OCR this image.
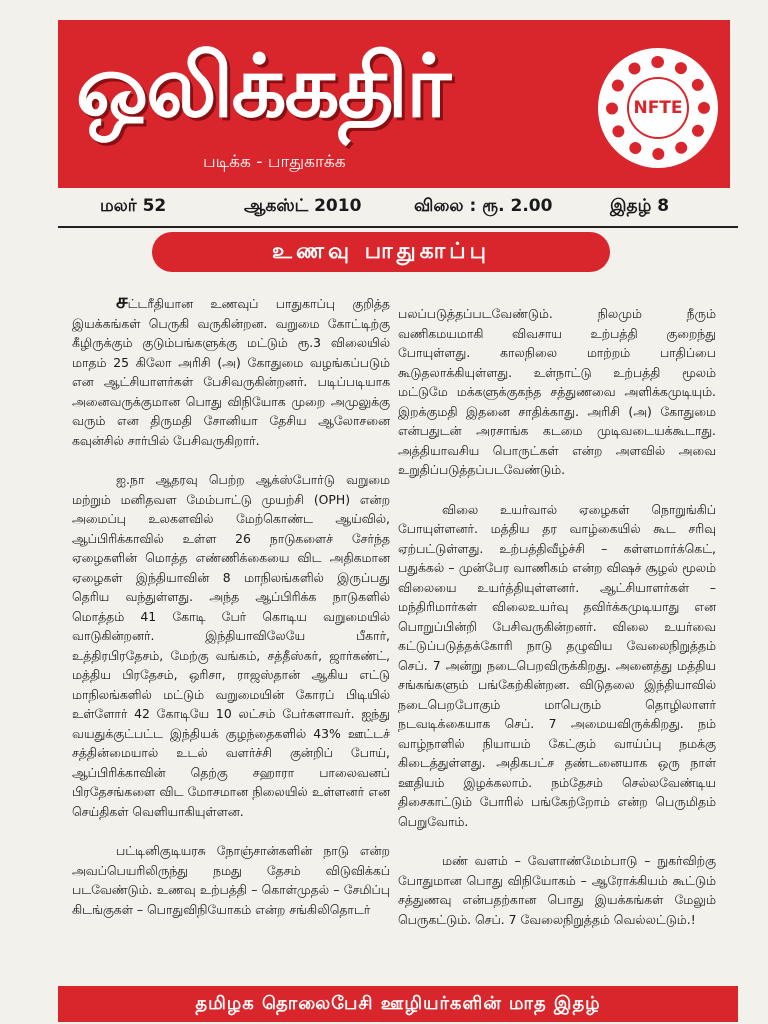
ஒலிக்கதிர்
படிக்க - பாதுகாக்க
NFTE
மலர் 52	ஆகஸ்ட் 2010	விலை : ரூ. 2.00	இதழ் 8
உணவு பாதுகாப்பு

சட்டரீதியான உணவுப் பாதுகாப்பு குறித்த இயக்கங்கள் பெருகி வருகின்றன. வறுமை கோட்டிற்கு கீழிருக்கும் குடும்பங்களுக்கு மட்டும் ரூ.3 விலையில் மாதம் 25 கிலோ அரிசி (அ) கோதுமை வழங்கப்படும் என ஆட்சியாளர்கள் பேசிவருகின்றனர். படிப்படியாக அனைவருக்குமான பொது விநியோக முறை அமுலுக்கு வரும் என திருமதி சோனியா தேசிய ஆலோசனை கவுன்சில் சார்பில் பேசிவருகிறார்.

ஐ.நா ஆதரவு பெற்ற ஆக்ஸ்போர்டு வறுமை மற்றும் மனிதவள மேம்பாட்டு முயற்சி (OPH) என்ற அமைப்பு உலகளவில் மேற்கொண்ட ஆய்வில், ஆப்பிரிக்காவில் உள்ள 26 நாடுகளைச் சேர்ந்த ஏழைகளின் மொத்த எண்ணிக்கையை விட அதிகமான ஏழைகள் இந்தியாவின் 8 மாநிலங்களில் இருப்பது தெரிய வந்துள்ளது. அந்த ஆப்பிரிக்க நாடுகளில் மொத்தம் 41 கோடி பேர் கொடிய வறுமையில் வாடுகின்றனர். இந்தியாவிலேயே பீகார், உத்திரபிரதேசம், மேற்கு வங்கம், சத்தீஸ்கர், ஜார்கண்ட், மத்திய பிரதேசம், ஒரிசா, ராஜஸ்தான் ஆகிய எட்டு மாநிலங்களில் மட்டும் வறுமையின் கோரப் பிடியில் உள்ளோர் 42 கோடியே 10 லட்சம் பேர்களாவர். ஐந்து வயதுக்குட்பட்ட இந்தியக் குழந்தைகளில் 43% ஊட்டச் சத்தின்மையால் உடல் வளர்ச்சி குன்றிப் போய், ஆப்பிரிக்காவின் தெற்கு சஹாரா பாலைவனப் பிரதேசங்களை விட மோசமான நிலையில் உள்ளனர் என செய்திகள் வெளியாகியுள்ளன.

பட்டினிகுடியரசு நோஞ்சான்களின் நாடு என்ற அவப்பெயரிலிருந்து நமது தேசம் விடுவிக்கப் படவேண்டும். உணவு உற்பத்தி – கொள்முதல் – சேமிப்பு கிடங்குகள் – பொதுவிநியோகம் என்ற சங்கிலிதொடர்

பலப்படுத்தப்படவேண்டும். நிலமும் நீரும் வணிகமயமாகி விவசாய உற்பத்தி குறைந்து போயுள்ளது. காலநிலை மாற்றம் பாதிப்பை கூடுதலாக்கியுள்ளது. உள்நாட்டு உற்பத்தி மூலம் மட்டுமே மக்களுக்குகந்த சத்துணவை அளிக்கமுடியும். இறக்குமதி இதனை சாதிக்காது. அரிசி (அ) கோதுமை என்பதுடன் அரசாங்க கடமை முடிவடையக்கூடாது. அத்தியாவசிய பொருட்கள் என்ற அளவில் அவை உறுதிப்படுத்தப்படவேண்டும்.

விலை உயர்வால் ஏழைகள் நொறுங்கிப் போயுள்ளனர். மத்திய தர வாழ்கையில் கூட சரிவு ஏற்பட்டுள்ளது. உற்பத்திவீழ்ச்சி – கள்ளமார்க்கெட், பதுக்கல் – முன்பேர வாணிகம் என்ற விஷச் சூழல் மூலம் விலையை உயர்த்தியுள்ளனர். ஆட்சியாளர்கள் – மந்திரிமார்கள் விலைஉயர்வு தவிர்க்கமுடியாது என பொறுப்பின்றி பேசிவருகின்றனர். விலை உயர்வை கட்டுப்படுத்தக்கோரி நாடு தழுவிய வேலைநிறுத்தம் செப். 7 அன்று நடைபெறவிருக்கிறது. அனைத்து மத்திய சங்கங்களும் பங்கேற்கின்றன. விடுதலை இந்தியாவில் நடைபெறபோகும் மாபெரும் தொழிலாளர் நடவடிக்கையாக செப். 7 அமையவிருக்கிறது. நம் வாழ்நாளில் நியாயம் கேட்கும் வாய்ப்பு நமக்கு கிடைத்துள்ளது. அதிகபட்ச தண்டனையாக ஒரு நாள் ஊதியம் இழக்கலாம். நம்தேசம் செல்லவேண்டிய திசைகாட்டும் போரில் பங்கேற்றோம் என்ற பெருமிதம் பெறுவோம்.

மண் வளம் – வேளாண்மேம்பாடு – நுகர்விற்கு போதுமான பொது விநியோகம் – ஆரோக்கியம் கூட்டும் சத்துணவு என்பதற்கான பொது இயக்கங்கள் மேலும் பெருகட்டும். செப். 7 வேலைநிறுத்தம் வெல்லட்டும்.!

தமிழக தொலைபேசி ஊழியர்களின் மாத இதழ்
